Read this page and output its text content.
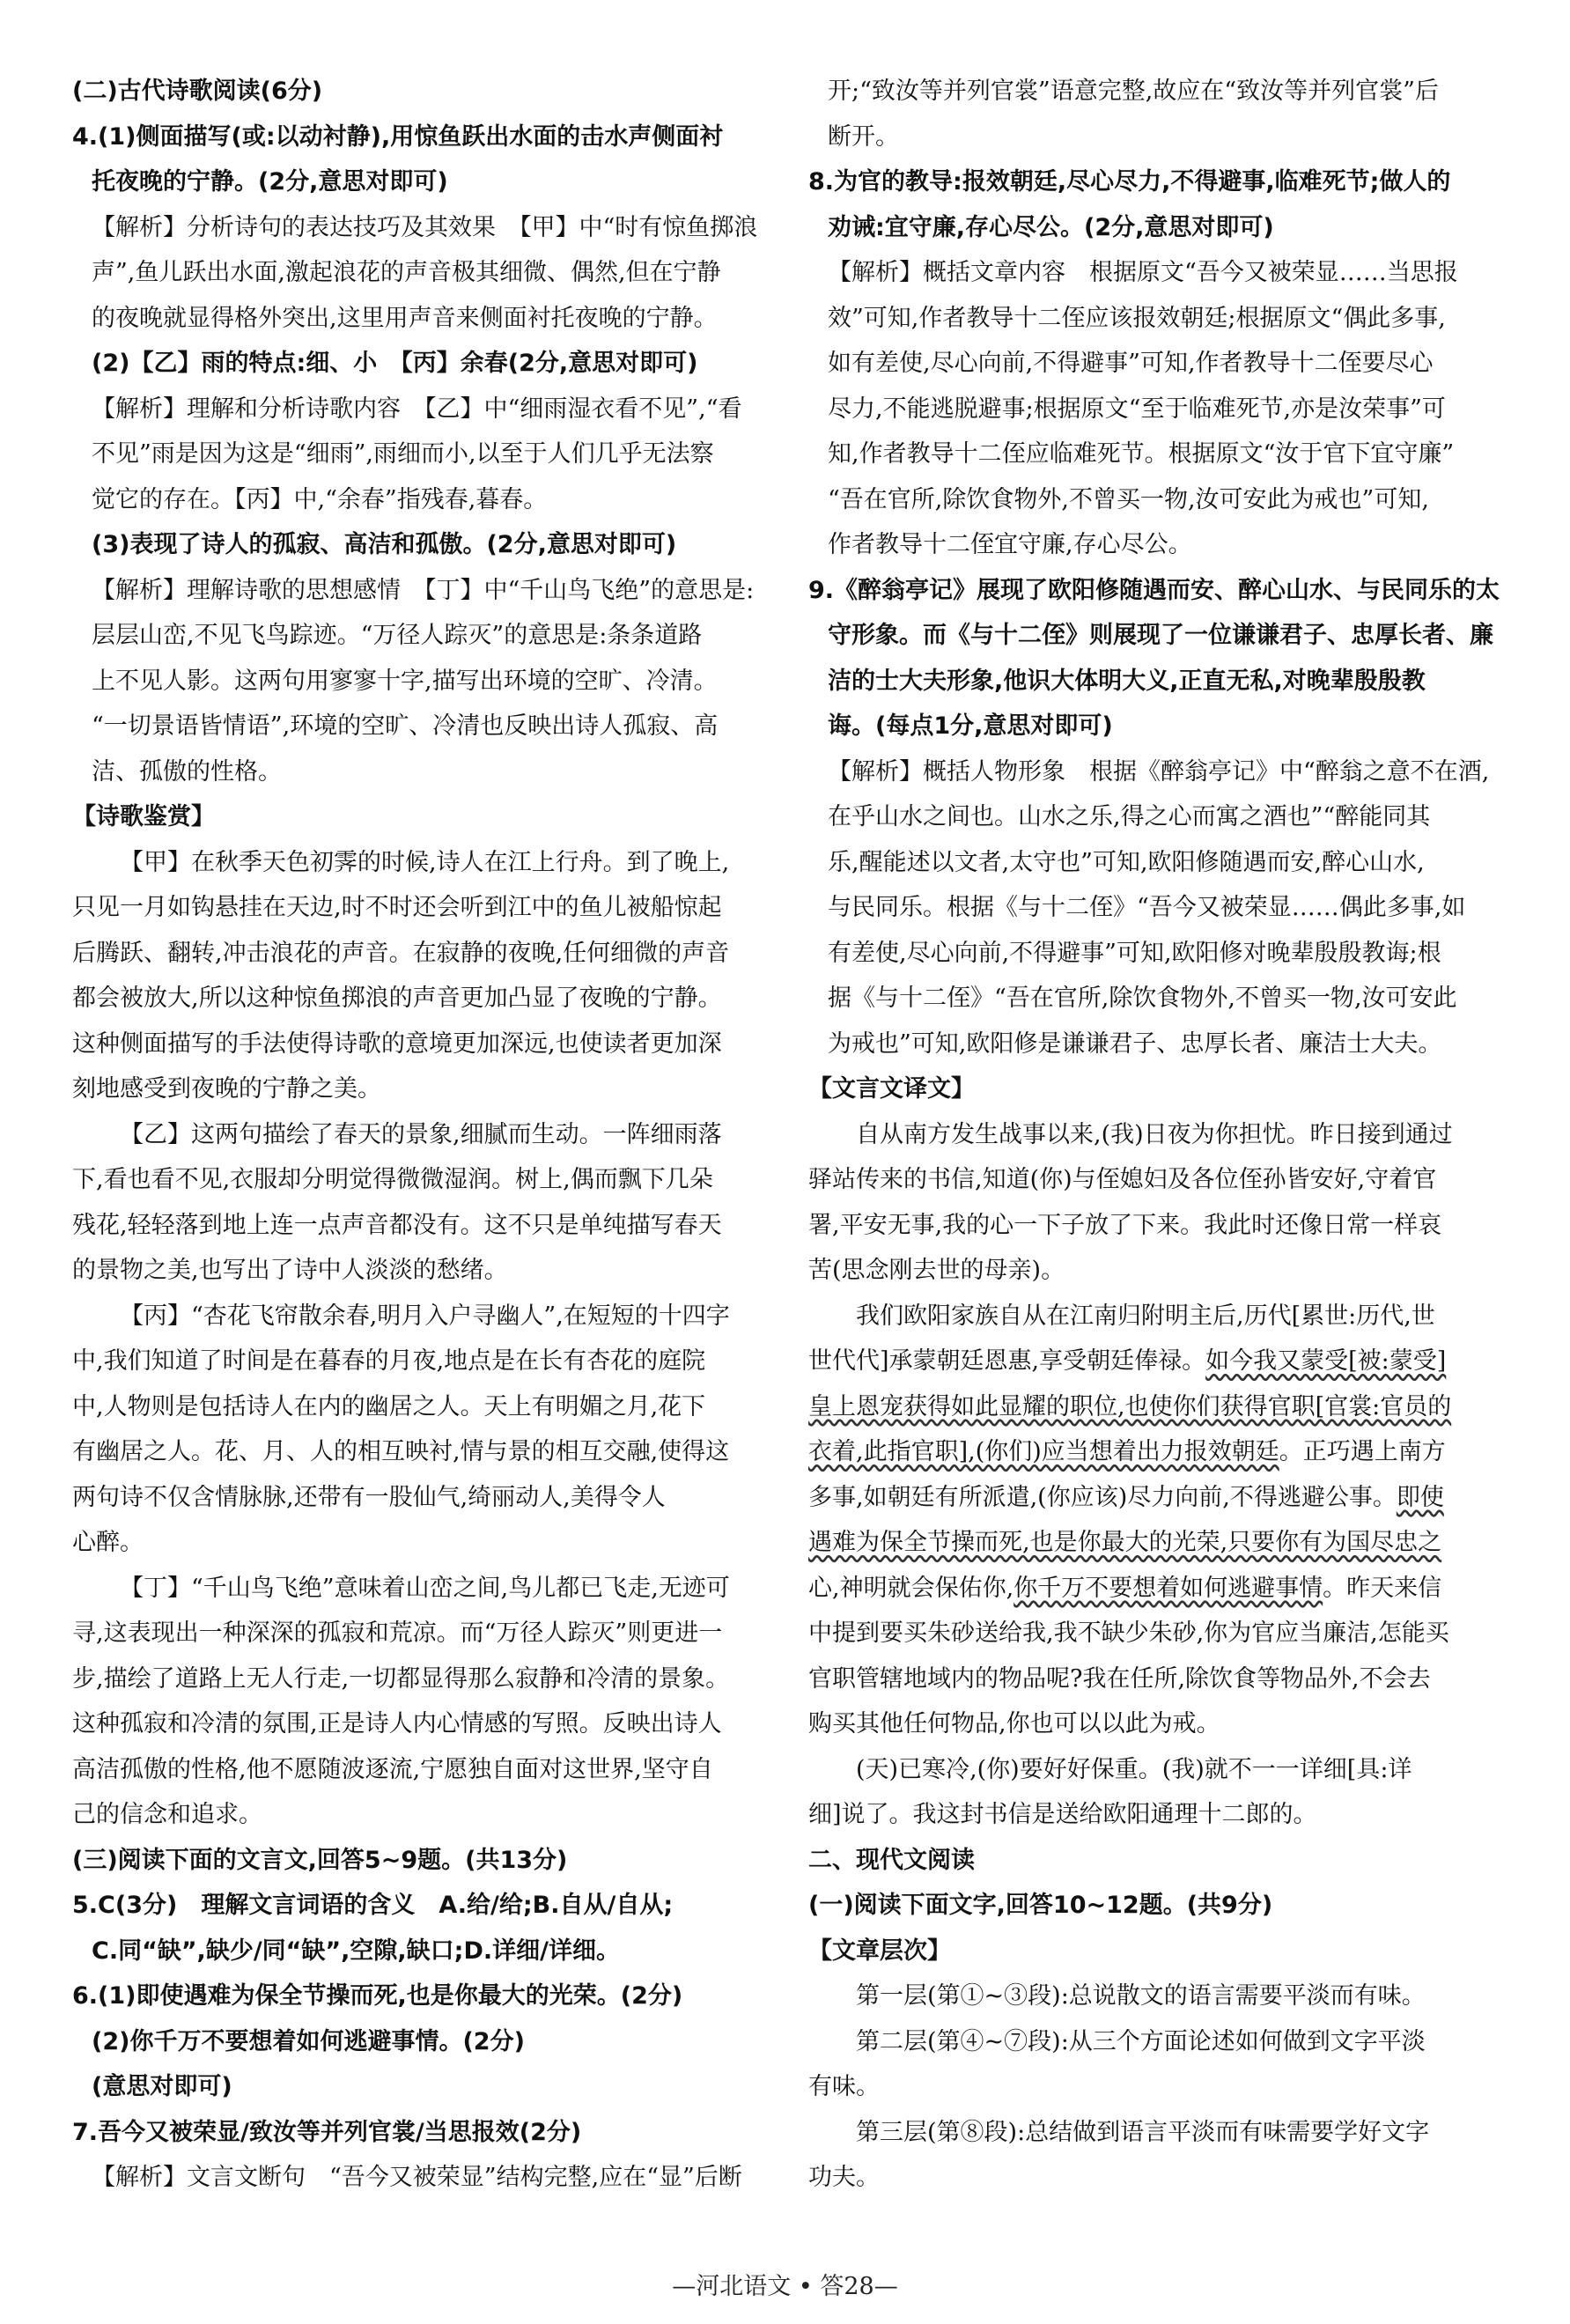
(二)古代诗歌阅读(6分)

4.(1)侧面描写(或:以动衬静),用惊鱼跃出水面的击水声侧面衬

托夜晚的宁静。(2分,意思对即可)

【解析】分析诗句的表达技巧及其效果　【甲】中“时有惊鱼掷浪

声”,鱼儿跃出水面,激起浪花的声音极其细微、偶然,但在宁静

的夜晚就显得格外突出,这里用声音来侧面衬托夜晚的宁静。

(2)【乙】雨的特点:细、小　【丙】余春(2分,意思对即可)

【解析】理解和分析诗歌内容　【乙】中“细雨湿衣看不见”,“看

不见”雨是因为这是“细雨”,雨细而小,以至于人们几乎无法察

觉它的存在。【丙】中,“余春”指残春,暮春。

(3)表现了诗人的孤寂、高洁和孤傲。(2分,意思对即可)

【解析】理解诗歌的思想感情　【丁】中“千山鸟飞绝”的意思是:

层层山峦,不见飞鸟踪迹。“万径人踪灭”的意思是:条条道路

上不见人影。这两句用寥寥十字,描写出环境的空旷、冷清。

“一切景语皆情语”,环境的空旷、冷清也反映出诗人孤寂、高

洁、孤傲的性格。

【诗歌鉴赏】

【甲】在秋季天色初霁的时候,诗人在江上行舟。到了晚上,

只见一月如钩悬挂在天边,时不时还会听到江中的鱼儿被船惊起

后腾跃、翻转,冲击浪花的声音。在寂静的夜晚,任何细微的声音

都会被放大,所以这种惊鱼掷浪的声音更加凸显了夜晚的宁静。

这种侧面描写的手法使得诗歌的意境更加深远,也使读者更加深

刻地感受到夜晚的宁静之美。

【乙】这两句描绘了春天的景象,细腻而生动。一阵细雨落

下,看也看不见,衣服却分明觉得微微湿润。树上,偶而飘下几朵

残花,轻轻落到地上连一点声音都没有。这不只是单纯描写春天

的景物之美,也写出了诗中人淡淡的愁绪。

【丙】“杏花飞帘散余春,明月入户寻幽人”,在短短的十四字

中,我们知道了时间是在暮春的月夜,地点是在长有杏花的庭院

中,人物则是包括诗人在内的幽居之人。天上有明媚之月,花下

有幽居之人。花、月、人的相互映衬,情与景的相互交融,使得这

两句诗不仅含情脉脉,还带有一股仙气,绮丽动人,美得令人

心醉。

【丁】“千山鸟飞绝”意味着山峦之间,鸟儿都已飞走,无迹可

寻,这表现出一种深深的孤寂和荒凉。而“万径人踪灭”则更进一

步,描绘了道路上无人行走,一切都显得那么寂静和冷清的景象。

这种孤寂和冷清的氛围,正是诗人内心情感的写照。反映出诗人

高洁孤傲的性格,他不愿随波逐流,宁愿独自面对这世界,坚守自

己的信念和追求。

(三)阅读下面的文言文,回答5~9题。(共13分)

5.C(3分)　理解文言词语的含义　A.给/给;B.自从/自从;

C.同“缺”,缺少/同“缺”,空隙,缺口;D.详细/详细。

6.(1)即使遇难为保全节操而死,也是你最大的光荣。(2分)

(2)你千万不要想着如何逃避事情。(2分)

(意思对即可)

7.吾今又被荣显/致汝等并列官裳/当思报效(2分)

【解析】文言文断句　“吾今又被荣显”结构完整,应在“显”后断

开;“致汝等并列官裳”语意完整,故应在“致汝等并列官裳”后

断开。

8.为官的教导:报效朝廷,尽心尽力,不得避事,临难死节;做人的

劝诫:宜守廉,存心尽公。(2分,意思对即可)

【解析】概括文章内容　根据原文“吾今又被荣显……当思报

效”可知,作者教导十二侄应该报效朝廷;根据原文“偶此多事,

如有差使,尽心向前,不得避事”可知,作者教导十二侄要尽心

尽力,不能逃脱避事;根据原文“至于临难死节,亦是汝荣事”可

知,作者教导十二侄应临难死节。根据原文“汝于官下宜守廉”

“吾在官所,除饮食物外,不曾买一物,汝可安此为戒也”可知,

作者教导十二侄宜守廉,存心尽公。

9.《醉翁亭记》展现了欧阳修随遇而安、醉心山水、与民同乐的太

守形象。而《与十二侄》则展现了一位谦谦君子、忠厚长者、廉

洁的士大夫形象,他识大体明大义,正直无私,对晚辈殷殷教

诲。(每点1分,意思对即可)

【解析】概括人物形象　根据《醉翁亭记》中“醉翁之意不在酒,

在乎山水之间也。山水之乐,得之心而寓之酒也”“醉能同其

乐,醒能述以文者,太守也”可知,欧阳修随遇而安,醉心山水,

与民同乐。根据《与十二侄》“吾今又被荣显……偶此多事,如

有差使,尽心向前,不得避事”可知,欧阳修对晚辈殷殷教诲;根

据《与十二侄》“吾在官所,除饮食物外,不曾买一物,汝可安此

为戒也”可知,欧阳修是谦谦君子、忠厚长者、廉洁士大夫。

【文言文译文】

自从南方发生战事以来,(我)日夜为你担忧。昨日接到通过

驿站传来的书信,知道(你)与侄媳妇及各位侄孙皆安好,守着官

署,平安无事,我的心一下子放了下来。我此时还像日常一样哀

苦(思念刚去世的母亲)。

我们欧阳家族自从在江南归附明主后,历代[累世:历代,世

世代代]承蒙朝廷恩惠,享受朝廷俸禄。如今我又蒙受[被:蒙受]

皇上恩宠获得如此显耀的职位,也使你们获得官职[官裳:官员的

衣着,此指官职],(你们)应当想着出力报效朝廷。正巧遇上南方

多事,如朝廷有所派遣,(你应该)尽力向前,不得逃避公事。即使

遇难为保全节操而死,也是你最大的光荣,只要你有为国尽忠之

心,神明就会保佑你,你千万不要想着如何逃避事情。昨天来信

中提到要买朱砂送给我,我不缺少朱砂,你为官应当廉洁,怎能买

官职管辖地域内的物品呢?我在任所,除饮食等物品外,不会去

购买其他任何物品,你也可以以此为戒。

(天)已寒冷,(你)要好好保重。(我)就不一一详细[具:详

细]说了。我这封书信是送给欧阳通理十二郎的。

二、现代文阅读

(一)阅读下面文字,回答10~12题。(共9分)

【文章层次】

第一层(第①~③段):总说散文的语言需要平淡而有味。

第二层(第④~⑦段):从三个方面论述如何做到文字平淡

有味。

第三层(第⑧段):总结做到语言平淡而有味需要学好文字

功夫。

—河北语文 • 答28—
